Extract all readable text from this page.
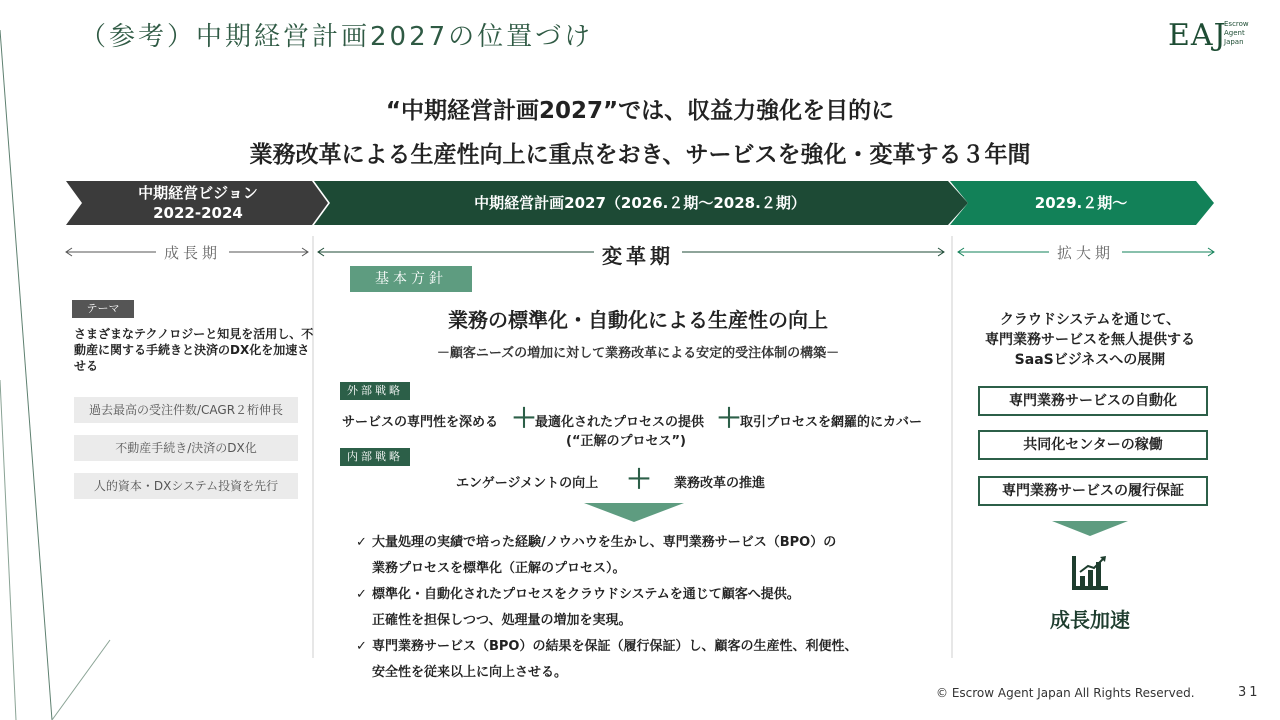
（参考）中期経営計画2027の位置づけ	EAJ
Escrow
Agent
Japan
“中期経営計画2027”では、収益力強化を目的に
業務改革による生産性向上に重点をおき、サービスを強化・変革する３年間
中期経営ビジョン
2022-2024
中期経営計画2027（2026.２期～2028.２期）	2029.２期～
成長期	変革期	拡大期
テーマ
さまざまなテクノロジーと知見を活用し、不動産に関する手続きと決済のDX化を加速させる
過去最高の受注件数/CAGR２桁伸長
不動産手続き/決済のDX化
人的資本・DXシステム投資を先行
基本方針
業務の標準化・自動化による生産性の向上
－顧客ニーズの増加に対して業務改革による安定的受注体制の構築－
外部戦略
サービスの専門性を深める ＋
最適化されたプロセスの提供 ＋
取引プロセスを網羅的にカバー
(“正解のプロセス”)
内部戦略
エンゲージメントの向上 ＋ 業務改革の推進
✓ 大量処理の実績で培った経験/ノウハウを生かし、専門業務サービス（BPO）の
業務プロセスを標準化（正解のプロセス）。
✓ 標準化・自動化されたプロセスをクラウドシステムを通じて顧客へ提供。
正確性を担保しつつ、処理量の増加を実現。
✓ 専門業務サービス（BPO）の結果を保証（履行保証）し、顧客の生産性、利便性、
安全性を従来以上に向上させる。
クラウドシステムを通じて、
専門業務サービスを無人提供する
SaaSビジネスへの展開
専門業務サービスの自動化
共同化センターの稼働
専門業務サービスの履行保証
成長加速
© Escrow Agent Japan All Rights Reserved.	31
